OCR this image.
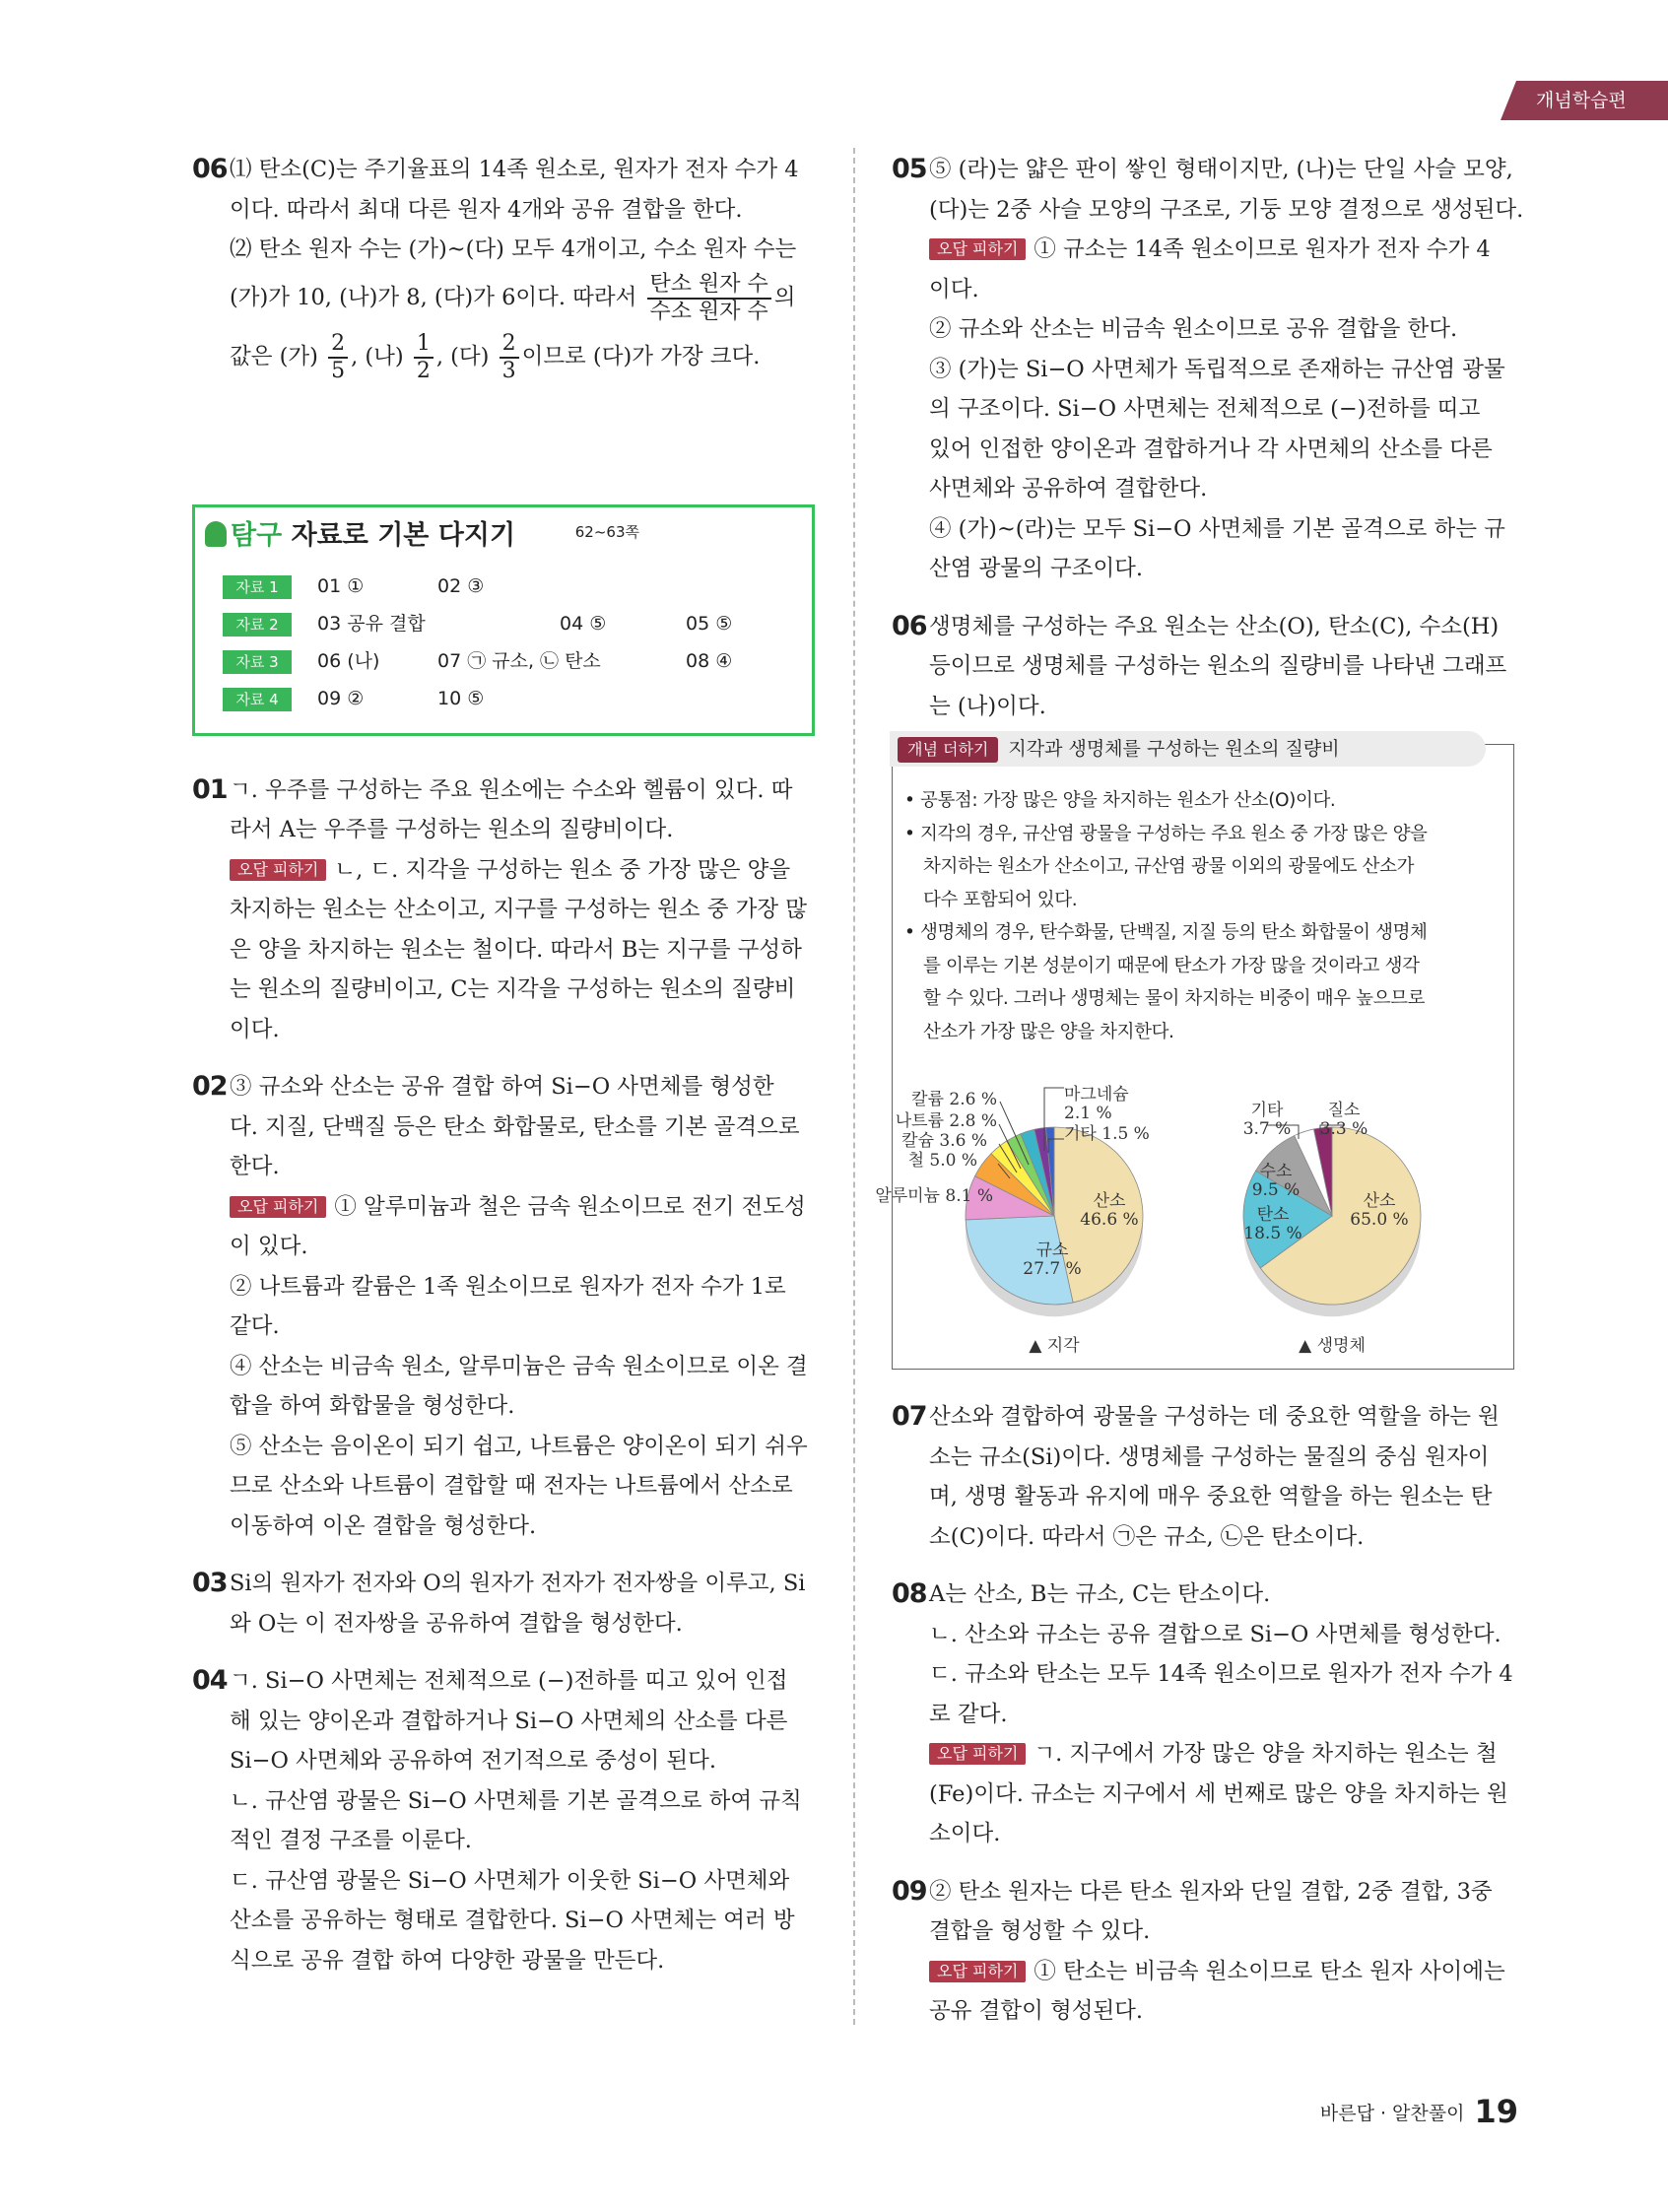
개념학습편
06 ⑴ 탄소(C)는 주기율표의 14족 원소로, 원자가 전자 수가 4
이다. 따라서 최대 다른 원자 4개와 공유 결합을 한다.
⑵ 탄소 원자 수는 (가)~(다) 모두 4개이고, 수소 원자 수는
(가)가 10, (나)가 8, (다)가 6이다. 따라서 $\frac{\text{탄소 원자 수}}{\text{수소 원자 수}}$ 의
값은 (가) $\frac{2}{5}$ , (나) $\frac{1}{2}$ , (다) $\frac{2}{3}$ 이므로 (다)가 가장 크다.
탐구 자료로 기본 다지기	62~63쪽
자료 1 01 ①	02 ③
자료 2 03 공유 결합	04 ⑤	05 ⑤
자료 3 06 (나)	07 ㉠ 규소, ㉡ 탄소	08 ④
자료 4 09 ②	10 ⑤
01 ㄱ. 우주를 구성하는 주요 원소에는 수소와 헬륨이 있다. 따
라서 A는 우주를 구성하는 원소의 질량비이다.
오답 피하기 ㄴ, ㄷ. 지각을 구성하는 원소 중 가장 많은 양을
차지하는 원소는 산소이고, 지구를 구성하는 원소 중 가장 많
은 양을 차지하는 원소는 철이다. 따라서 B는 지구를 구성하
는 원소의 질량비이고, C는 지각을 구성하는 원소의 질량비
이다.
02 ③ 규소와 산소는 공유 결합 하여 Si−O 사면체를 형성한
다. 지질, 단백질 등은 탄소 화합물로, 탄소를 기본 골격으로
한다.
오답 피하기 ① 알루미늄과 철은 금속 원소이므로 전기 전도성
이 있다.
② 나트륨과 칼륨은 1족 원소이므로 원자가 전자 수가 1로
같다.
④ 산소는 비금속 원소, 알루미늄은 금속 원소이므로 이온 결
합을 하여 화합물을 형성한다.
⑤ 산소는 음이온이 되기 쉽고, 나트륨은 양이온이 되기 쉬우
므로 산소와 나트륨이 결합할 때 전자는 나트륨에서 산소로
이동하여 이온 결합을 형성한다.
03 Si의 원자가 전자와 O의 원자가 전자가 전자쌍을 이루고, Si
와 O는 이 전자쌍을 공유하여 결합을 형성한다.
04 ㄱ. Si−O 사면체는 전체적으로 (−)전하를 띠고 있어 인접
해 있는 양이온과 결합하거나 Si−O 사면체의 산소를 다른
Si−O 사면체와 공유하여 전기적으로 중성이 된다.
ㄴ. 규산염 광물은 Si−O 사면체를 기본 골격으로 하여 규칙
적인 결정 구조를 이룬다.
ㄷ. 규산염 광물은 Si−O 사면체가 이웃한 Si−O 사면체와
산소를 공유하는 형태로 결합한다. Si−O 사면체는 여러 방
식으로 공유 결합 하여 다양한 광물을 만든다.
05 ⑤ (라)는 얇은 판이 쌓인 형태이지만, (나)는 단일 사슬 모양,
(다)는 2중 사슬 모양의 구조로, 기둥 모양 결정으로 생성된다.
오답 피하기 ① 규소는 14족 원소이므로 원자가 전자 수가 4
이다.
② 규소와 산소는 비금속 원소이므로 공유 결합을 한다.
③ (가)는 Si−O 사면체가 독립적으로 존재하는 규산염 광물
의 구조이다. Si−O 사면체는 전체적으로 (−)전하를 띠고
있어 인접한 양이온과 결합하거나 각 사면체의 산소를 다른
사면체와 공유하여 결합한다.
④ (가)~(라)는 모두 Si−O 사면체를 기본 골격으로 하는 규
산염 광물의 구조이다.
06 생명체를 구성하는 주요 원소는 산소(O), 탄소(C), 수소(H)
등이므로 생명체를 구성하는 원소의 질량비를 나타낸 그래프
는 (나)이다.
개념 더하기 지각과 생명체를 구성하는 원소의 질량비
• 공통점: 가장 많은 양을 차지하는 원소가 산소(O)이다.
• 지각의 경우, 규산염 광물을 구성하는 주요 원소 중 가장 많은 양을
차지하는 원소가 산소이고, 규산염 광물 이외의 광물에도 산소가
다수 포함되어 있다.
• 생명체의 경우, 탄수화물, 단백질, 지질 등의 탄소 화합물이 생명체
를 이루는 기본 성분이기 때문에 탄소가 가장 많을 것이라고 생각
할 수 있다. 그러나 생명체는 물이 차지하는 비중이 매우 높으므로
산소가 가장 많은 양을 차지한다.
산소
46.6 %
규소
27.7 %
알루미늄 8.1 %
철 5.0 %
칼슘 3.6 %
나트륨 2.8 %
칼륨 2.6 %	마그네슘
2.1 %
기타 1.5 %
▲ 지각
산소
65.0 %
탄소
18.5 %
수소
9.5 %
기타
3.7 %
질소
3.3 %
▲ 생명체
07 산소와 결합하여 광물을 구성하는 데 중요한 역할을 하는 원
소는 규소(Si)이다. 생명체를 구성하는 물질의 중심 원자이
며, 생명 활동과 유지에 매우 중요한 역할을 하는 원소는 탄
소(C)이다. 따라서 ㉠은 규소, ㉡은 탄소이다.
08 A는 산소, B는 규소, C는 탄소이다.
ㄴ. 산소와 규소는 공유 결합으로 Si−O 사면체를 형성한다.
ㄷ. 규소와 탄소는 모두 14족 원소이므로 원자가 전자 수가 4
로 같다.
오답 피하기 ㄱ. 지구에서 가장 많은 양을 차지하는 원소는 철
(Fe)이다. 규소는 지구에서 세 번째로 많은 양을 차지하는 원
소이다.
09 ② 탄소 원자는 다른 탄소 원자와 단일 결합, 2중 결합, 3중
결합을 형성할 수 있다.
오답 피하기 ① 탄소는 비금속 원소이므로 탄소 원자 사이에는
공유 결합이 형성된다.
바른답 · 알찬풀이 19
